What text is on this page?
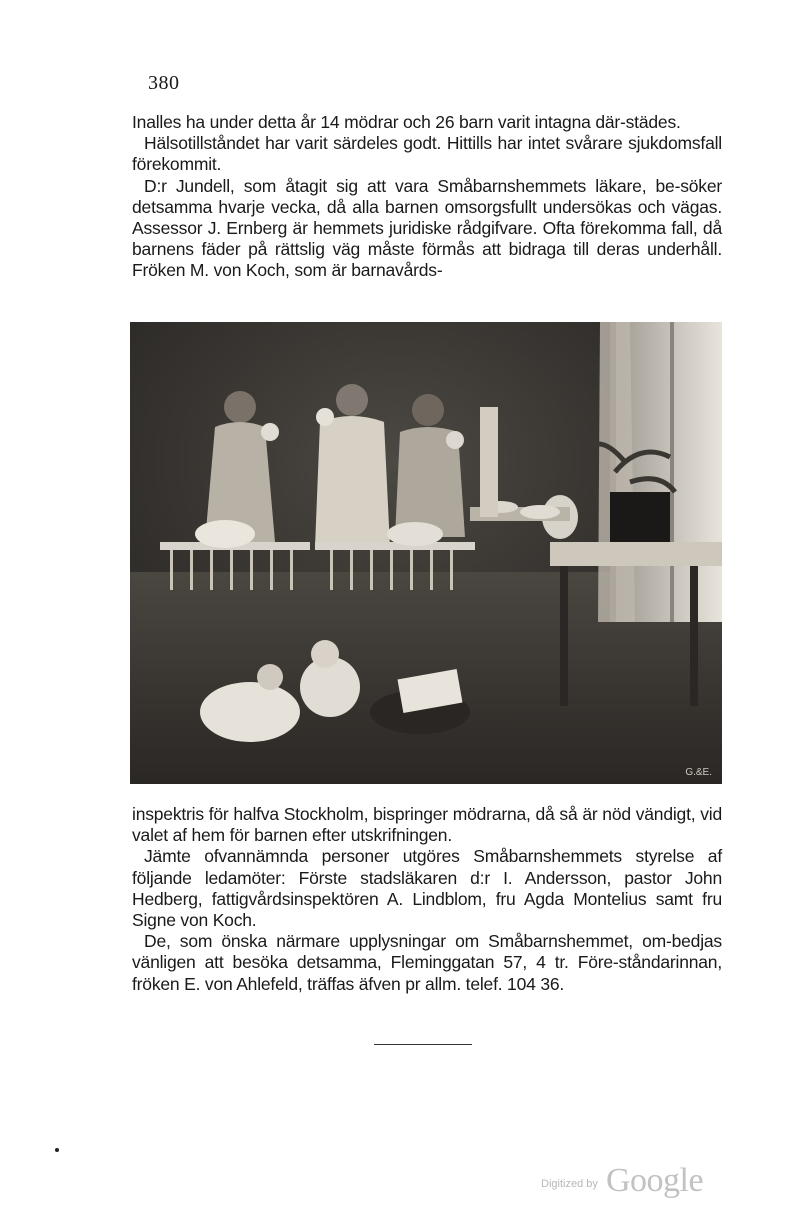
380

Inalles ha under detta år 14 mödrar och 26 barn varit intagna där-städes.

Hälsotillståndet har varit särdeles godt. Hittills har intet svårare sjukdomsfall förekommit.

D:r Jundell, som åtagit sig att vara Småbarnshemmets läkare, be-söker detsamma hvarje vecka, då alla barnen omsorgsfullt undersökas och vägas. Assessor J. Ernberg är hemmets juridiske rådgifvare. Ofta förekomma fall, då barnens fäder på rättslig väg måste förmås att bidraga till deras underhåll. Fröken M. von Koch, som är barnavårds-

G.&E.

inspektris för halfva Stockholm, bispringer mödrarna, då så är nöd vändigt, vid valet af hem för barnen efter utskrifningen.

Jämte ofvannämnda personer utgöres Småbarnshemmets styrelse af följande ledamöter: Förste stadsläkaren d:r I. Andersson, pastor John Hedberg, fattigvårdsinspektören A. Lindblom, fru Agda Montelius samt fru Signe von Koch.

De, som önska närmare upplysningar om Småbarnshemmet, om-bedjas vänligen att besöka detsamma, Fleminggatan 57, 4 tr. Före-ståndarinnan, fröken E. von Ahlefeld, träffas äfven pr allm. telef. 104 36.

Digitized by Google
